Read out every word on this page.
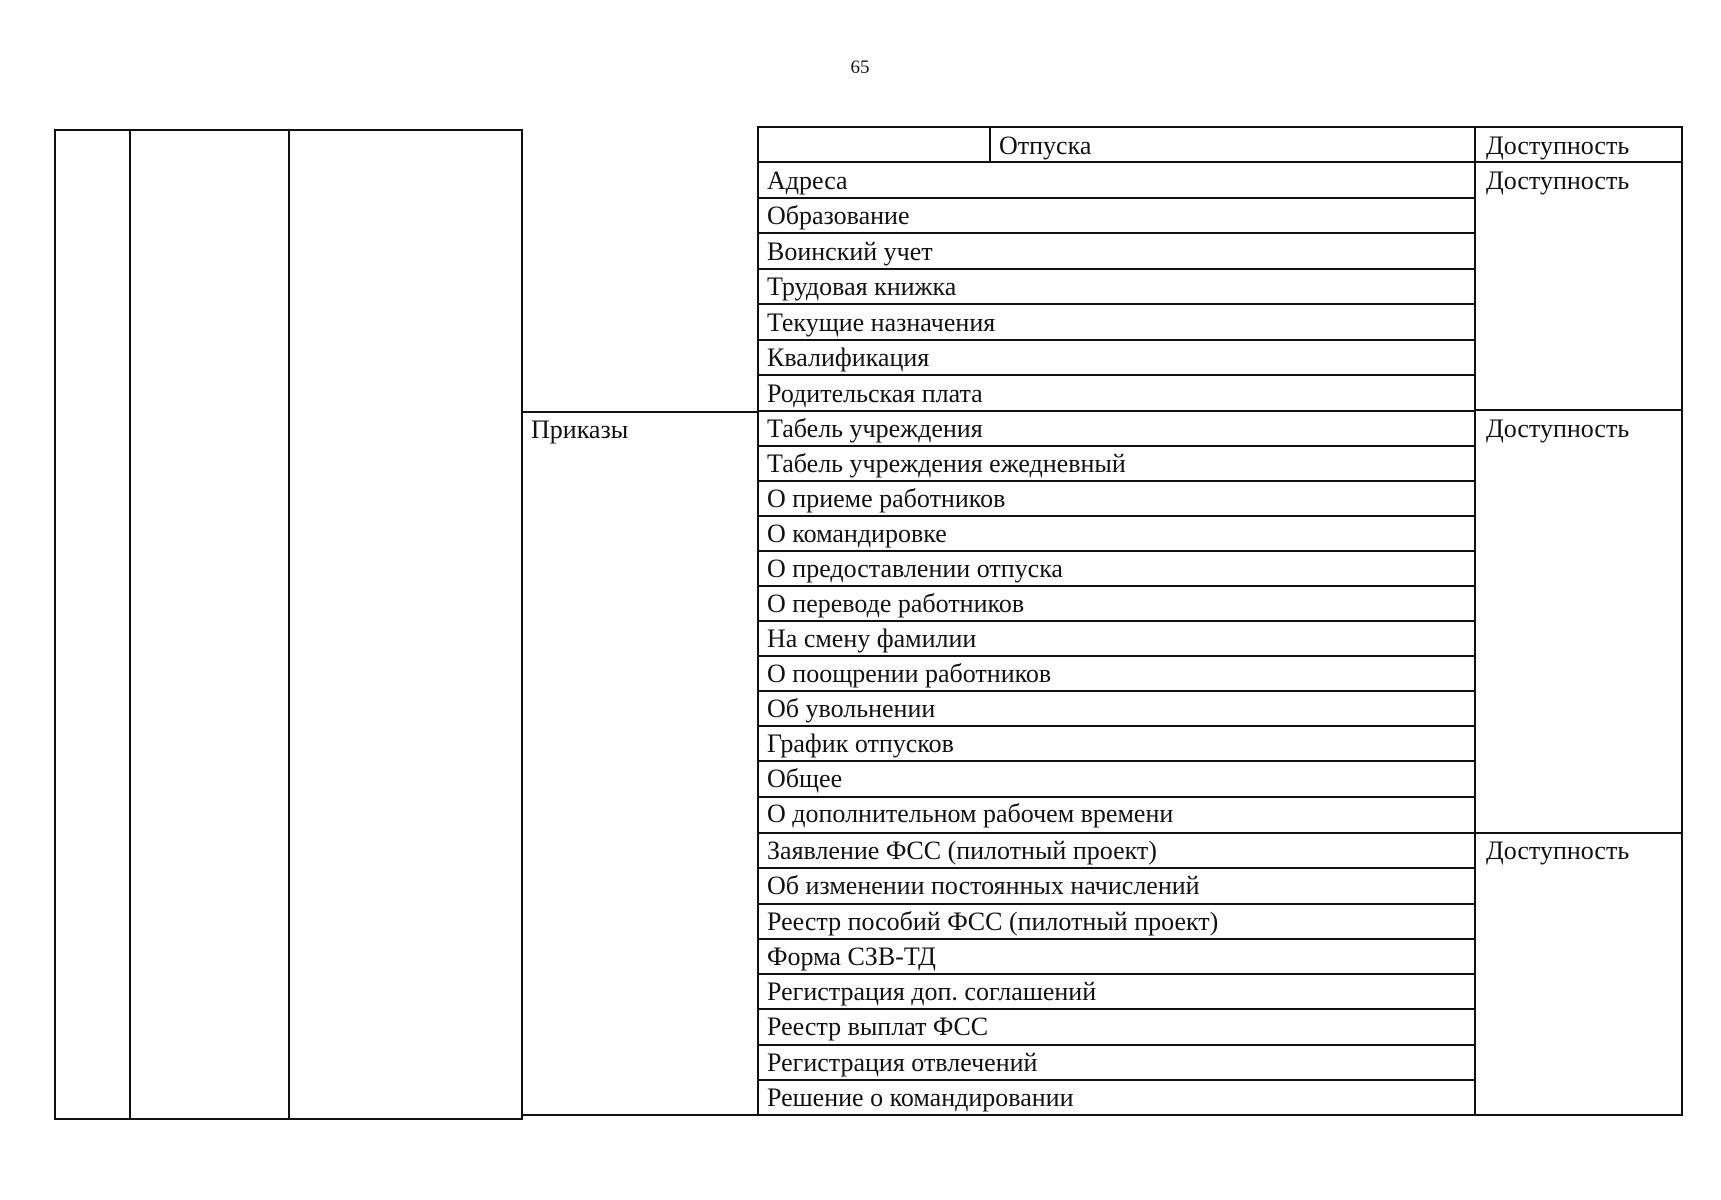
65
Приказы
Отпуска	Доступность
Доступность
Доступность
Доступность
Адреса
Образование
Воинский учет
Трудовая книжка
Текущие назначения
Квалификация
Родительская плата
Табель учреждения
Табель учреждения ежедневный
О приеме работников
О командировке
О предоставлении отпуска
О переводе работников
На смену фамилии
О поощрении работников
Об увольнении
График отпусков
Общее
О дополнительном рабочем времени
Заявление ФСС (пилотный проект)
Об изменении постоянных начислений
Реестр пособий ФСС (пилотный проект)
Форма СЗВ-ТД
Регистрация доп. соглашений
Реестр выплат ФСС
Регистрация отвлечений
Решение о командировании
